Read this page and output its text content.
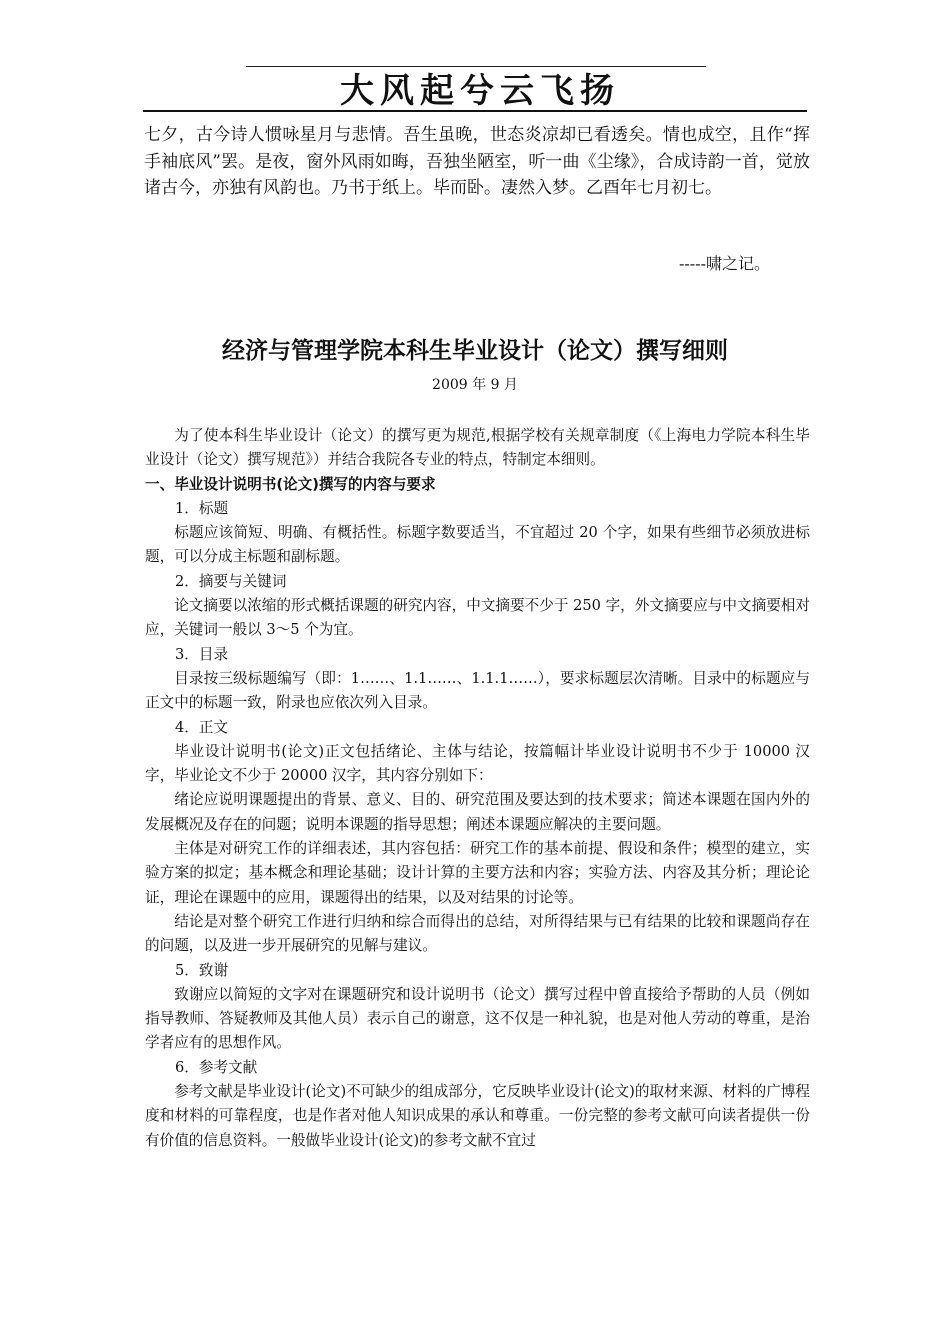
大风起兮云飞扬
七夕，古今诗人惯咏星月与悲情。吾生虽晚，世态炎凉却已看透矣。情也成空，且作“挥手袖底风”罢。是夜，窗外风雨如晦，吾独坐陋室，听一曲《尘缘》，合成诗韵一首，觉放诸古今，亦独有风韵也。乃书于纸上。毕而卧。凄然入梦。乙酉年七月初七。
-----啸之记。
经济与管理学院本科生毕业设计（论文）撰写细则
2009 年 9 月

为了使本科生毕业设计（论文）的撰写更为规范,根据学校有关规章制度（《上海电力学院本科生毕业设计（论文）撰写规范》）并结合我院各专业的特点，特制定本细则。

一、毕业设计说明书(论文)撰写的内容与要求

1．标题

标题应该简短、明确、有概括性。标题字数要适当，不宜超过 20 个字，如果有些细节必须放进标题，可以分成主标题和副标题。

2．摘要与关键词

论文摘要以浓缩的形式概括课题的研究内容，中文摘要不少于 250 字，外文摘要应与中文摘要相对应，关键词一般以 3～5 个为宜。

3．目录

目录按三级标题编写（即：1……、1.1……、1.1.1……），要求标题层次清晰。目录中的标题应与正文中的标题一致，附录也应依次列入目录。

4．正文

毕业设计说明书(论文)正文包括绪论、主体与结论，按篇幅计毕业设计说明书不少于 10000 汉字，毕业论文不少于 20000 汉字，其内容分别如下：

绪论应说明课题提出的背景、意义、目的、研究范围及要达到的技术要求；简述本课题在国内外的发展概况及存在的问题；说明本课题的指导思想；阐述本课题应解决的主要问题。

主体是对研究工作的详细表述，其内容包括：研究工作的基本前提、假设和条件；模型的建立，实验方案的拟定；基本概念和理论基础；设计计算的主要方法和内容；实验方法、内容及其分析；理论论证，理论在课题中的应用，课题得出的结果，以及对结果的讨论等。

结论是对整个研究工作进行归纳和综合而得出的总结，对所得结果与已有结果的比较和课题尚存在的问题，以及进一步开展研究的见解与建议。

5．致谢

致谢应以简短的文字对在课题研究和设计说明书（论文）撰写过程中曾直接给予帮助的人员（例如指导教师、答疑教师及其他人员）表示自己的谢意，这不仅是一种礼貌，也是对他人劳动的尊重，是治学者应有的思想作风。

6．参考文献

参考文献是毕业设计(论文)不可缺少的组成部分，它反映毕业设计(论文)的取材来源、材料的广博程度和材料的可靠程度，也是作者对他人知识成果的承认和尊重。一份完整的参考文献可向读者提供一份有价值的信息资料。一般做毕业设计(论文)的参考文献不宜过
